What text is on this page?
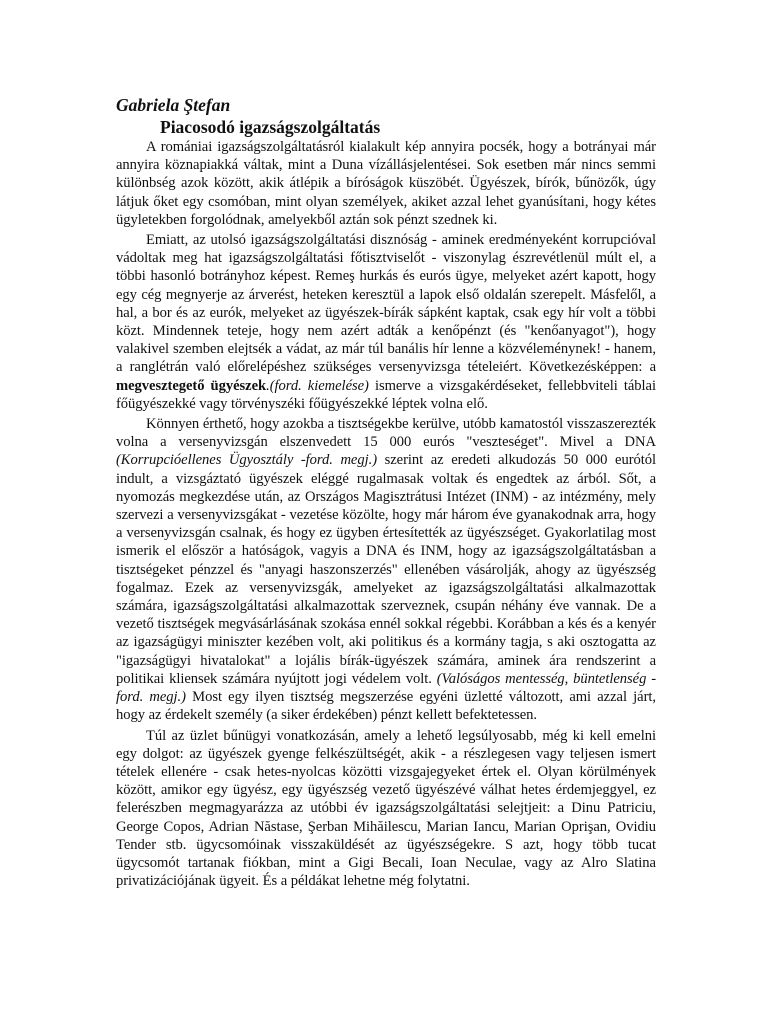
Gabriela Ştefan

Piacosodó igazságszolgáltatás

A romániai igazságszolgáltatásról kialakult kép annyira pocsék, hogy a botrányai már annyira köznapiakká váltak, mint a Duna vízállásjelentései. Sok esetben már nincs semmi különbség azok között, akik átlépik a bíróságok küszöbét. Ügyészek, bírók, bűnözők, úgy látjuk őket egy csomóban, mint olyan személyek, akiket azzal lehet gyanúsítani, hogy kétes ügyletekben forgolódnak, amelyekből aztán sok pénzt szednek ki.

Emiatt, az utolsó igazságszolgáltatási disznóság - aminek eredményeként korrupcióval vádoltak meg hat igazságszolgáltatási főtisztviselőt - viszonylag észrevétlenül múlt el, a többi hasonló botrányhoz képest. Remeş hurkás és eurós ügye, melyeket azért kapott, hogy egy cég megnyerje az árverést, heteken keresztül a lapok első oldalán szerepelt. Másfelől, a hal, a bor és az eurók, melyeket az ügyészek-bírák sápként kaptak, csak egy hír volt a többi közt. Mindennek teteje, hogy nem azért adták a kenőpénzt (és "kenőanyagot"), hogy valakivel szemben elejtsék a vádat, az már túl banális hír lenne a közvéleménynek! - hanem, a ranglétrán való előrelépéshez szükséges versenyvizsga tételeiért. Következésképpen: a megvesztegető ügyészek.(ford. kiemelése) ismerve a vizsgakérdéseket, fellebbviteli táblai főügyészekké vagy törvényszéki főügyészekké léptek volna elő.

Könnyen érthető, hogy azokba a tisztségekbe kerülve, utóbb kamatostól visszaszerezték volna a versenyvizsgán elszenvedett 15 000 eurós "veszteséget". Mivel a DNA (Korrupcióellenes Ügyosztály -ford. megj.) szerint az eredeti alkudozás 50 000 eurótól indult, a vizsgáztató ügyészek eléggé rugalmasak voltak és engedtek az árból. Sőt, a nyomozás megkezdése után, az Országos Magisztrátusi Intézet (INM) - az intézmény, mely szervezi a versenyvizsgákat - vezetése közölte, hogy már három éve gyanakodnak arra, hogy a versenyvizsgán csalnak, és hogy ez ügyben értesítették az ügyészséget. Gyakorlatilag most ismerik el először a hatóságok, vagyis a DNA és INM, hogy az igazságszolgáltatásban a tisztségeket pénzzel és "anyagi haszonszerzés" ellenében vásárolják, ahogy az ügyészség fogalmaz. Ezek az versenyvizsgák, amelyeket az igazságszolgáltatási alkalmazottak számára, igazságszolgáltatási alkalmazottak szerveznek, csupán néhány éve vannak. De a vezető tisztségek megvásárlásának szokása ennél sokkal régebbi. Korábban a kés és a kenyér az igazságügyi miniszter kezében volt, aki politikus és a kormány tagja, s aki osztogatta az "igazságügyi hivatalokat" a lojális bírák-ügyészek számára, aminek ára rendszerint a politikai kliensek számára nyújtott jogi védelem volt. (Valóságos mentesség, büntetlenség - ford. megj.) Most egy ilyen tisztség megszerzése egyéni üzletté változott, ami azzal járt, hogy az érdekelt személy (a siker érdekében) pénzt kellett befektetessen.

Túl az üzlet bűnügyi vonatkozásán, amely a lehető legsúlyosabb, még ki kell emelni egy dolgot: az ügyészek gyenge felkészültségét, akik - a részlegesen vagy teljesen ismert tételek ellenére - csak hetes-nyolcas közötti vizsgajegyeket értek el. Olyan körülmények között, amikor egy ügyész, egy ügyészség vezető ügyészévé válhat hetes érdemjeggyel, ez felerészben megmagyarázza az utóbbi év igazságszolgáltatási selejtjeit: a Dinu Patriciu, George Copos, Adrian Năstase, Şerban Mihăilescu, Marian Iancu, Marian Oprişan, Ovidiu Tender stb. ügycsomóinak visszaküldését az ügyészségekre. S azt, hogy több tucat ügycsomót tartanak fiókban, mint a Gigi Becali, Ioan Neculae, vagy az Alro Slatina privatizációjának ügyeit. És a példákat lehetne még folytatni.
